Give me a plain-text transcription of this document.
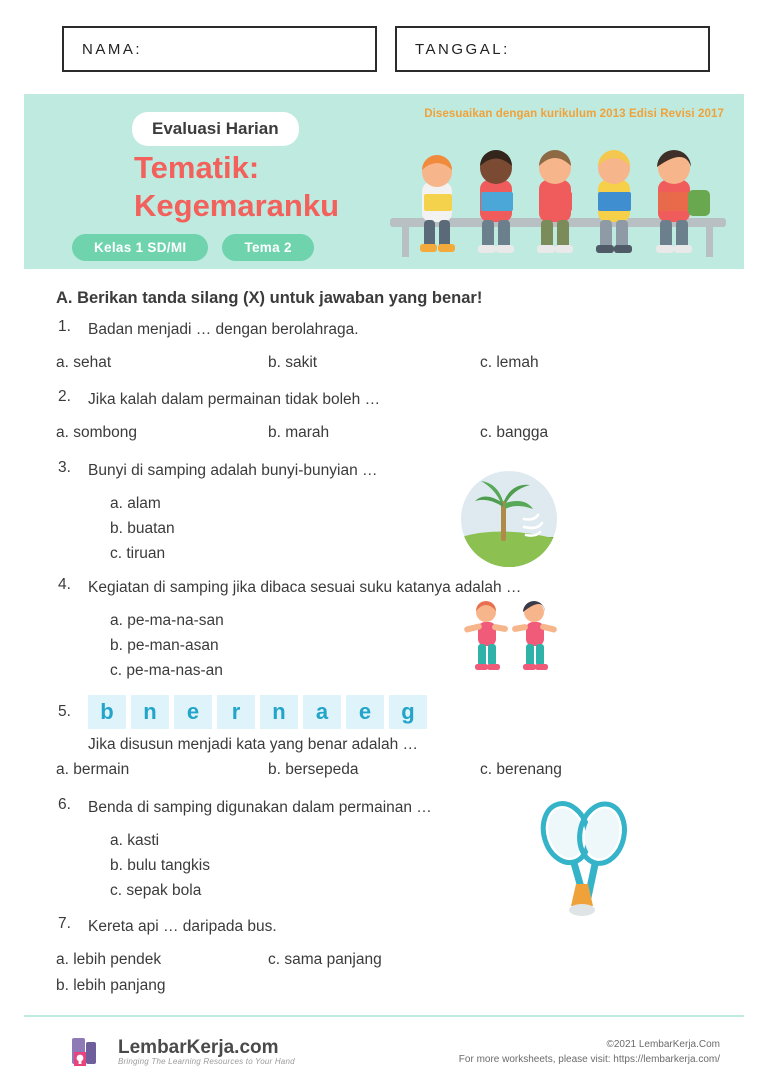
NAMA:	TANGGAL:
Disesuaikan dengan kurikulum 2013 Edisi Revisi 2017
Evaluasi Harian
Tematik:
Kegemaranku
Kelas 1 SD/MI	Tema 2
A. Berikan tanda silang (X) untuk jawaban yang benar!
1. Badan menjadi … dengan berolahraga.
a. sehat	b. sakit	c. lemah
2. Jika kalah dalam permainan tidak boleh …
a. sombong	b. marah	c. bangga
3. Bunyi di samping adalah bunyi-bunyian …
a. alam
b. buatan
c. tiruan
4. Kegiatan di samping jika dibaca sesuai suku katanya adalah …
a. pe-ma-na-san
b. pe-man-asan
c. pe-ma-nas-an
5.	b	n	e	r	n	a	e	g
Jika disusun menjadi kata yang benar adalah …
a. bermain	b. bersepeda	c. berenang
6. Benda di samping digunakan dalam permainan …
a. kasti
b. bulu tangkis
c. sepak bola
7. Kereta api … daripada bus.
a. lebih pendek	c. sama panjang
b. lebih panjang
LembarKerja.com
Bringing The Learning Resources to Your Hand
©2021 LembarKerja.Com
For more worksheets, please visit: https://lembarkerja.com/
